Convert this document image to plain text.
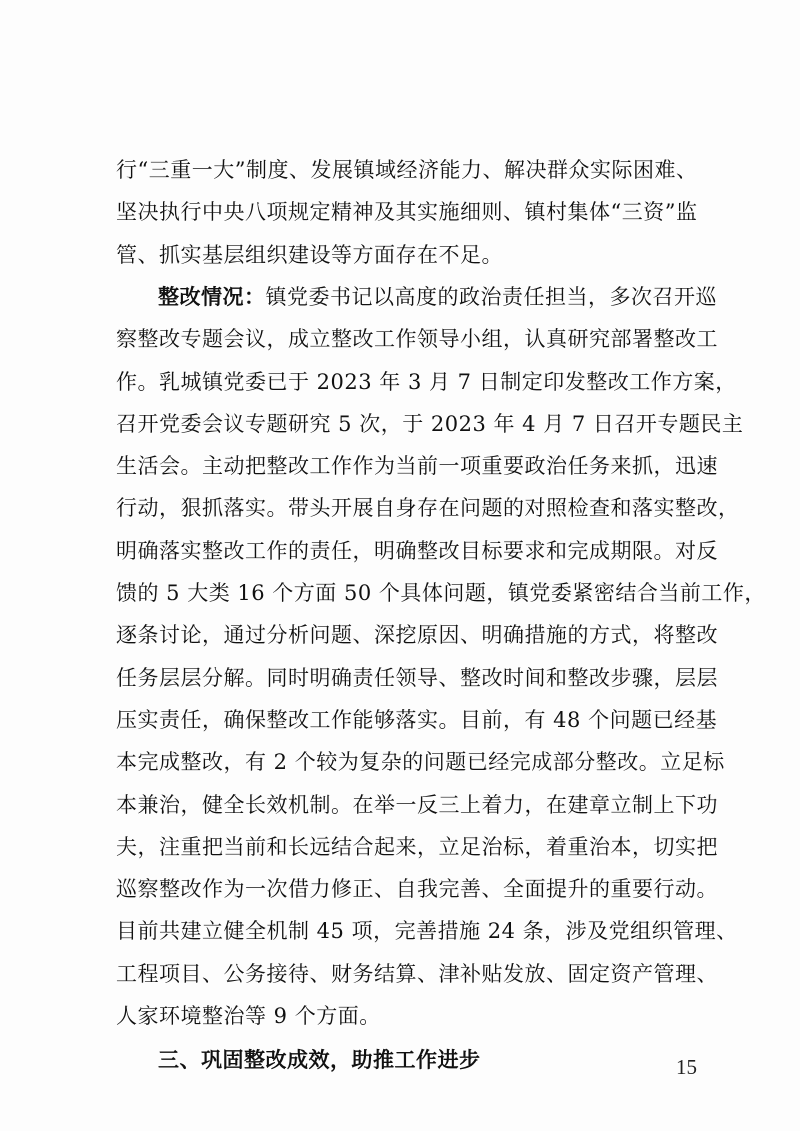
行“三重一大”制度、发展镇域经济能力、解决群众实际困难、
坚决执行中央八项规定精神及其实施细则、镇村集体“三资”监
管、抓实基层组织建设等方面存在不足。
整改情况：镇党委书记以高度的政治责任担当，多次召开巡
察整改专题会议，成立整改工作领导小组，认真研究部署整改工
作。乳城镇党委已于 2023 年 3 月 7 日制定印发整改工作方案，
召开党委会议专题研究 5 次，于 2023 年 4 月 7 日召开专题民主
生活会。主动把整改工作作为当前一项重要政治任务来抓，迅速
行动，狠抓落实。带头开展自身存在问题的对照检查和落实整改，
明确落实整改工作的责任，明确整改目标要求和完成期限。对反
馈的 5 大类 16 个方面 50 个具体问题，镇党委紧密结合当前工作，
逐条讨论，通过分析问题、深挖原因、明确措施的方式，将整改
任务层层分解。同时明确责任领导、整改时间和整改步骤，层层
压实责任，确保整改工作能够落实。目前，有 48 个问题已经基
本完成整改，有 2 个较为复杂的问题已经完成部分整改。立足标
本兼治，健全长效机制。在举一反三上着力，在建章立制上下功
夫，注重把当前和长远结合起来，立足治标，着重治本，切实把
巡察整改作为一次借力修正、自我完善、全面提升的重要行动。
目前共建立健全机制 45 项，完善措施 24 条，涉及党组织管理、
工程项目、公务接待、财务结算、津补贴发放、固定资产管理、
人家环境整治等 9 个方面。
三、巩固整改成效，助推工作进步	15
